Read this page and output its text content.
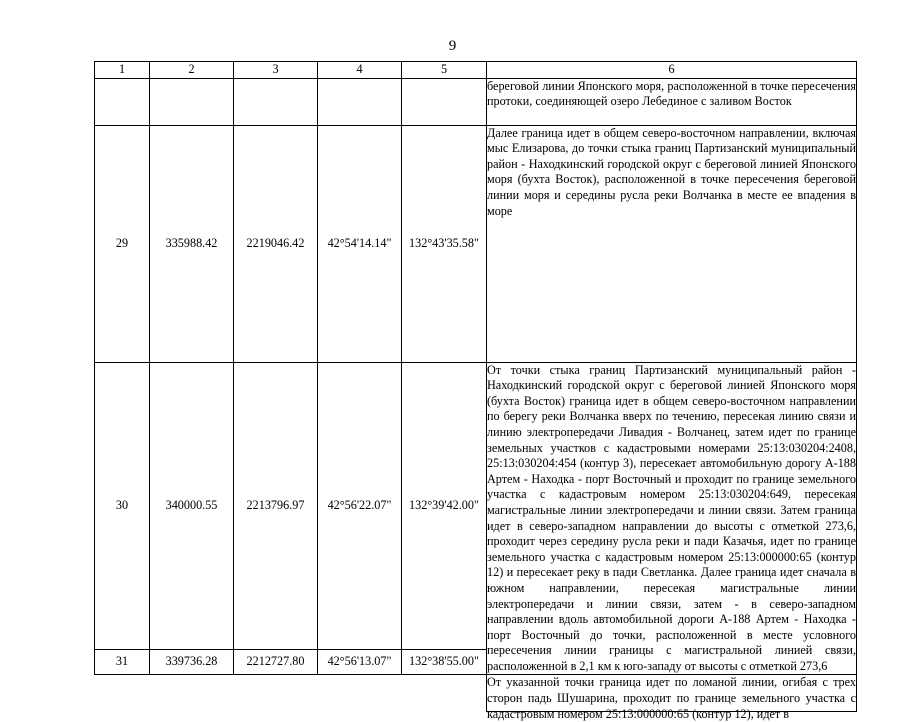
9
1	2	3	4	5	6
					береговой линии Японского моря, расположенной в точке пересечения протоки, соединяющей озеро Лебединое с заливом Восток
29	335988.42	2219046.42	42°54'14.14"	132°43'35.58"	Далее граница идет в общем северо-восточном направлении, включая мыс Елизарова, до точки стыка границ Партизанский муниципальный район - Находкинский городской округ с береговой линией Японского моря (бухта Восток), расположенной в точке пересечения береговой линии моря и середины русла реки Волчанка в месте ее впадения в море
30	340000.55	2213796.97	42°56'22.07"	132°39'42.00"	От точки стыка границ Партизанский муниципальный район - Находкинский городской округ с береговой линией Японского моря (бухта Восток) граница идет в общем северо-восточном направлении по берегу реки Волчанка вверх по течению, пересекая линию связи и линию электропередачи Ливадия - Волчанец, затем идет по границе земельных участков с кадастровыми номерами 25:13:030204:2408, 25:13:030204:454 (контур 3), пересекает автомобильную дорогу А-188 Артем - Находка - порт Восточный и проходит по границе земельного участка с кадастровым номером 25:13:030204:649, пересекая магистральные линии электропередачи и линии связи. Затем граница идет в северо-западном направлении до высоты с отметкой 273,6, проходит через середину русла реки и пади Казачья, идет по границе земельного участка с кадастровым номером 25:13:000000:65 (контур 12) и пересекает реку в пади Светланка. Далее граница идет сначала в южном направлении, пересекая магистральные линии электропередачи и линии связи, затем - в северо-западном направлении вдоль автомобильной дороги А-188 Артем - Находка - порт Восточный до точки, расположенной в месте условного пересечения линии границы с магистральной линией связи, расположенной в 2,1 км к юго-западу от высоты с отметкой 273,6
31	339736.28	2212727.80	42°56'13.07"	132°38'55.00"	

					От указанной точки граница идет по ломаной линии, огибая с трех сторон падь Шушарина, проходит по границе земельного участка с кадастровым номером 25:13:000000:65 (контур 12), идет в
